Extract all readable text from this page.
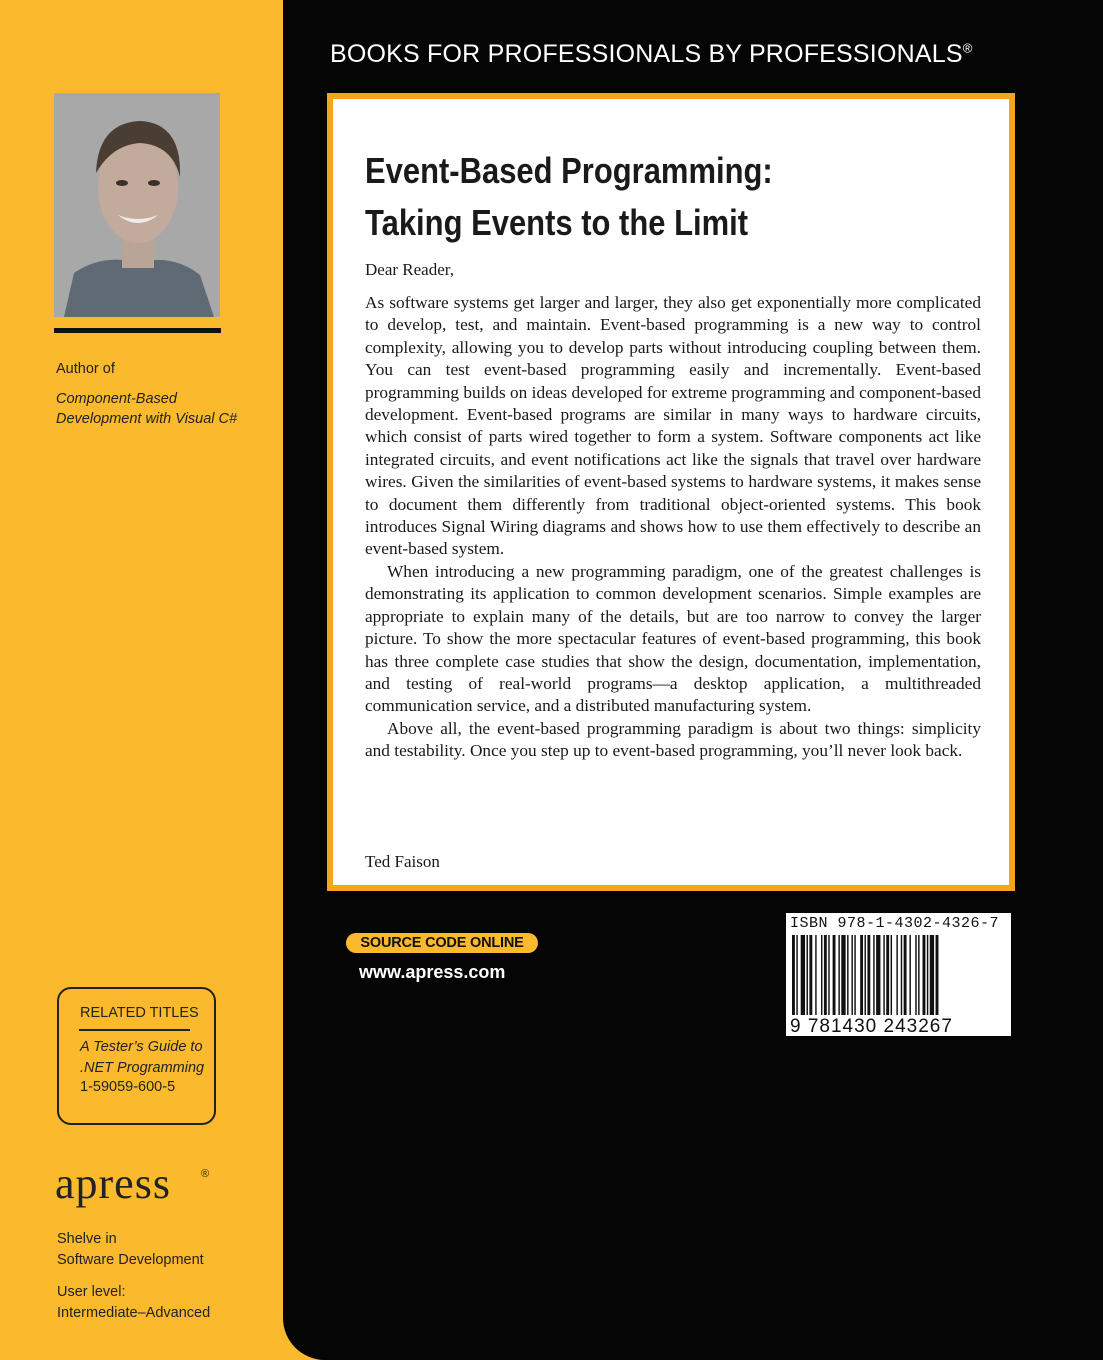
BOOKS FOR PROFESSIONALS BY PROFESSIONALS®
Event-Based Programming:
Taking Events to the Limit
Dear Reader,

As software systems get larger and larger, they also get exponentially more complicated to develop, test, and maintain. Event-based programming is a new way to control complexity, allowing you to develop parts without introducing coupling between them. You can test event-based programming easily and incrementally. Event-based programming builds on ideas developed for extreme programming and component-based development. Event-based programs are similar in many ways to hardware circuits, which consist of parts wired together to form a system. Software components act like integrated circuits, and event notifications act like the signals that travel over hardware wires. Given the similarities of event-based systems to hardware systems, it makes sense to document them differently from traditional object-oriented systems. This book introduces Signal Wiring diagrams and shows how to use them effectively to describe an event-based system.

When introducing a new programming paradigm, one of the greatest challenges is demonstrating its application to common development scenarios. Simple examples are appropriate to explain many of the details, but are too narrow to convey the larger picture. To show the more spectacular features of event-based programming, this book has three complete case studies that show the design, documentation, implementation, and testing of real-world programs—a desktop application, a multithreaded communication service, and a distributed manufacturing system.

Above all, the event-based programming paradigm is about two things: simplicity and testability. Once you step up to event-based programming, you’ll never look back.

Ted Faison
SOURCE CODE ONLINE
www.apress.com
ISBN 978-1-4302-4326-7
9 781430 243267
Author of
Component-Based
Development with Visual C#
RELATED TITLES
A Tester’s Guide to
.NET Programming
1-59059-600-5
apress	®
Shelve in
Software Development
User level:
Intermediate–Advanced
